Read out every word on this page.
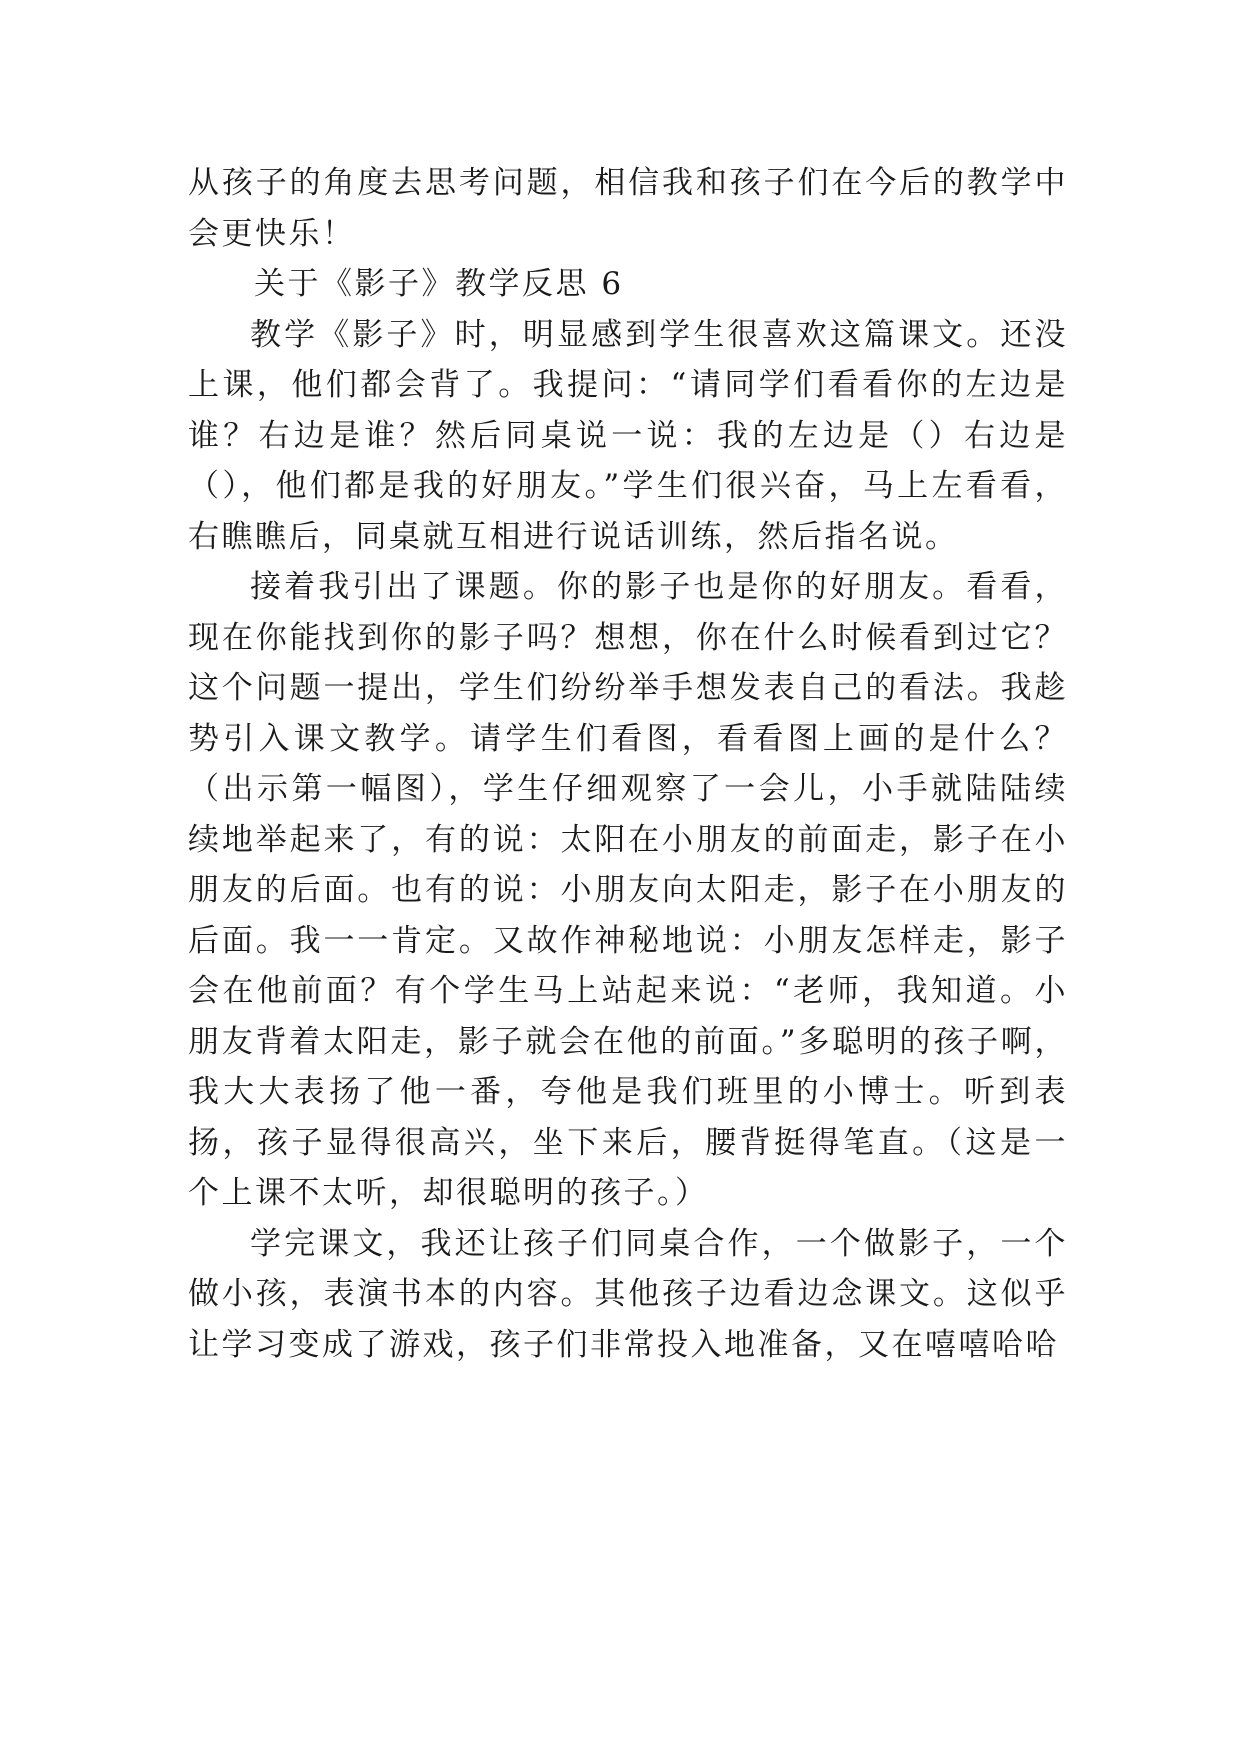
从孩子的角度去思考问题，相信我和孩子们在今后的教学中会更快乐！

关于《影子》教学反思 6

教学《影子》时，明显感到学生很喜欢这篇课文。还没上课，他们都会背了。我提问：“请同学们看看你的左边是谁？右边是谁？然后同桌说一说：我的左边是（）右边是（），他们都是我的好朋友。”学生们很兴奋，马上左看看，右瞧瞧后，同桌就互相进行说话训练，然后指名说。

接着我引出了课题。你的影子也是你的好朋友。看看，现在你能找到你的影子吗？想想，你在什么时候看到过它？这个问题一提出，学生们纷纷举手想发表自己的看法。我趁势引入课文教学。请学生们看图，看看图上画的是什么？（出示第一幅图），学生仔细观察了一会儿，小手就陆陆续续地举起来了，有的说：太阳在小朋友的前面走，影子在小朋友的后面。也有的说：小朋友向太阳走，影子在小朋友的后面。我一一肯定。又故作神秘地说：小朋友怎样走，影子会在他前面？有个学生马上站起来说：“老师，我知道。小朋友背着太阳走，影子就会在他的前面。”多聪明的孩子啊，我大大表扬了他一番，夸他是我们班里的小博士。听到表扬，孩子显得很高兴，坐下来后，腰背挺得笔直。（这是一个上课不太听，却很聪明的孩子。）

学完课文，我还让孩子们同桌合作，一个做影子，一个做小孩，表演书本的内容。其他孩子边看边念课文。这似乎让学习变成了游戏，孩子们非常投入地准备，又在嘻嘻哈哈
